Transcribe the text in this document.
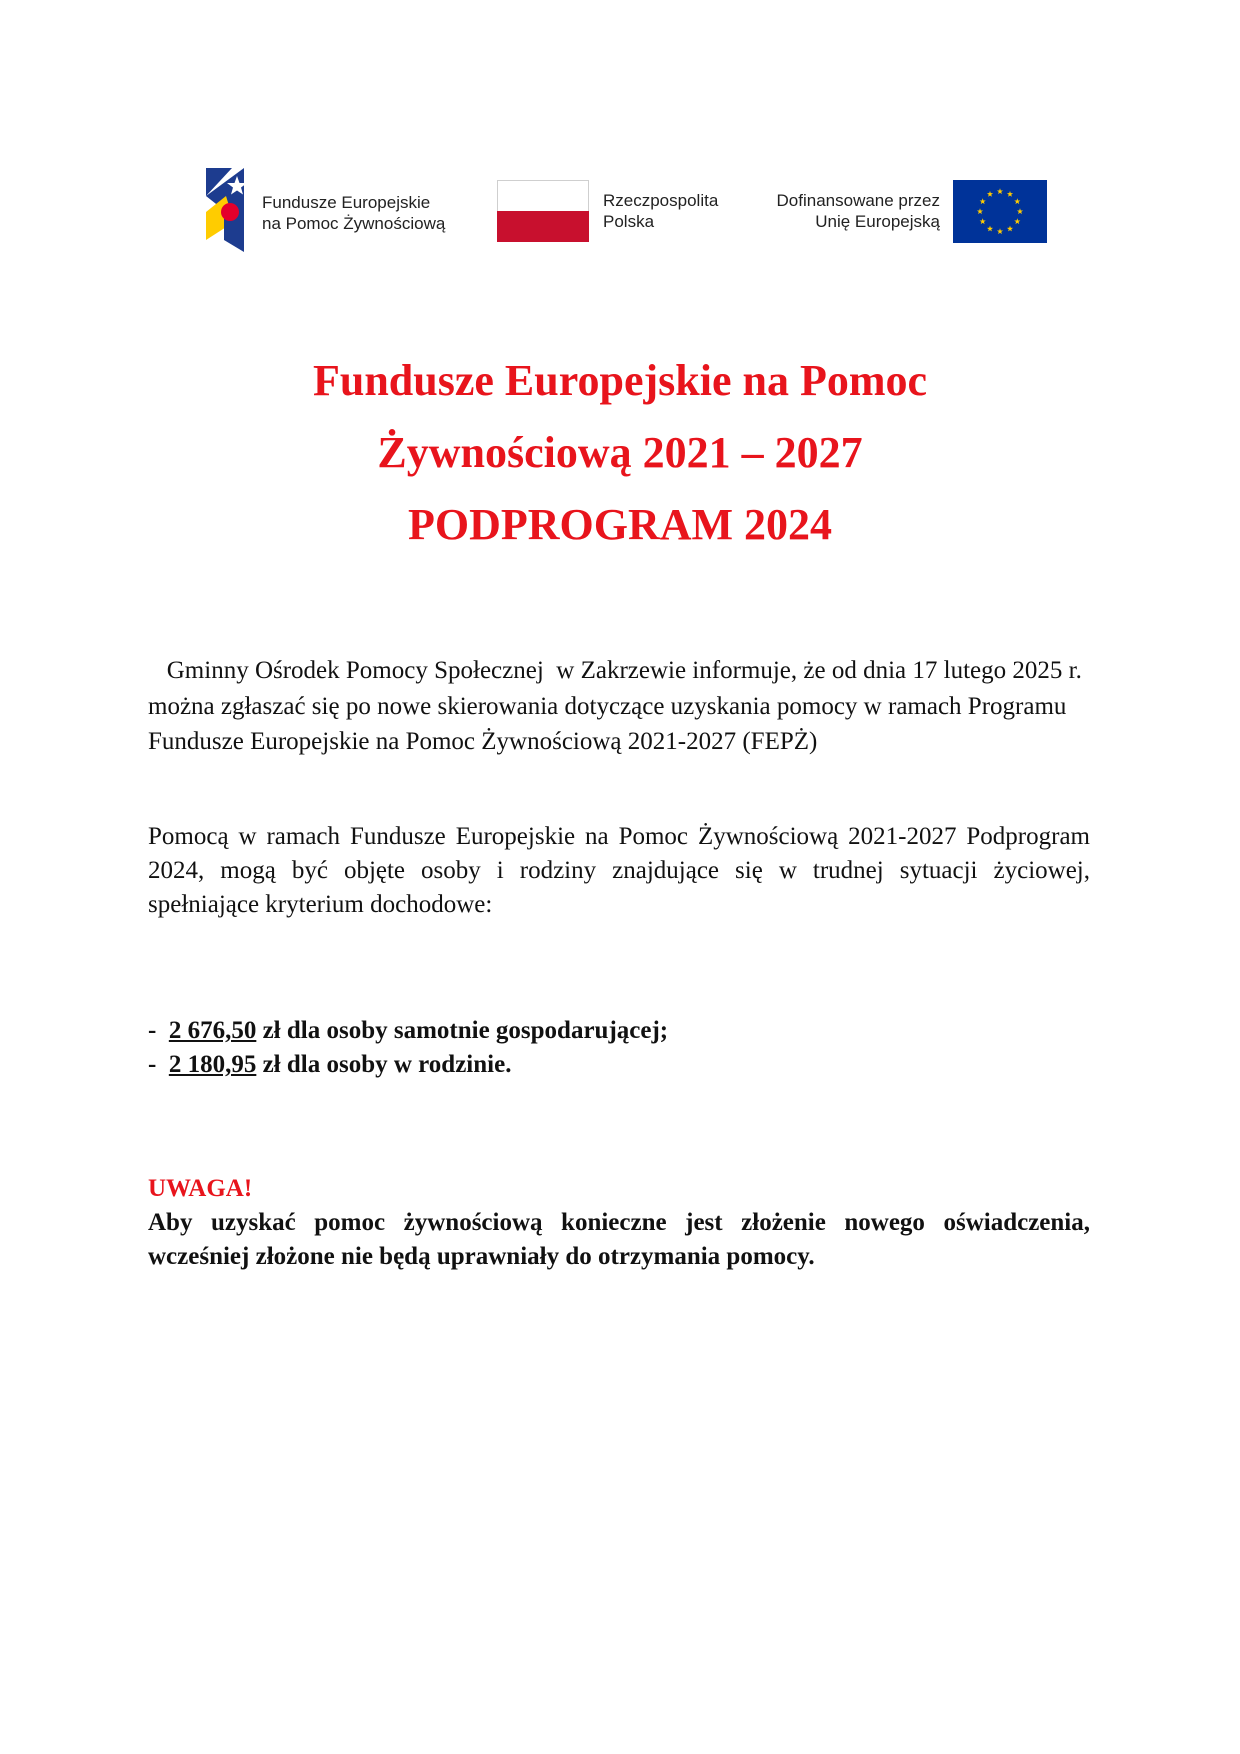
Fundusze Europejskie
na Pomoc Żywnościową
Rzeczpospolita
Polska
Dofinansowane przez
Unię Europejską
Fundusze Europejskie na Pomoc
Żywnościową 2021 – 2027
PODPROGRAM 2024
Gminny Ośrodek Pomocy Społecznej  w Zakrzewie informuje, że od dnia 17 lutego 2025 r. można zgłaszać się po nowe skierowania dotyczące uzyskania pomocy w ramach Programu Fundusze Europejskie na Pomoc Żywnościową 2021-2027 (FEPŻ)
Pomocą w ramach Fundusze Europejskie na Pomoc Żywnościową 2021-2027 Podprogram 2024, mogą być objęte osoby i rodziny znajdujące się w trudnej sytuacji życiowej, spełniające kryterium dochodowe:
-  2 676,50 zł dla osoby samotnie gospodarującej;
-  2 180,95 zł dla osoby w rodzinie.
UWAGA!
Aby uzyskać pomoc żywnościową konieczne jest złożenie nowego oświadczenia, wcześniej złożone nie będą uprawniały do otrzymania pomocy.
